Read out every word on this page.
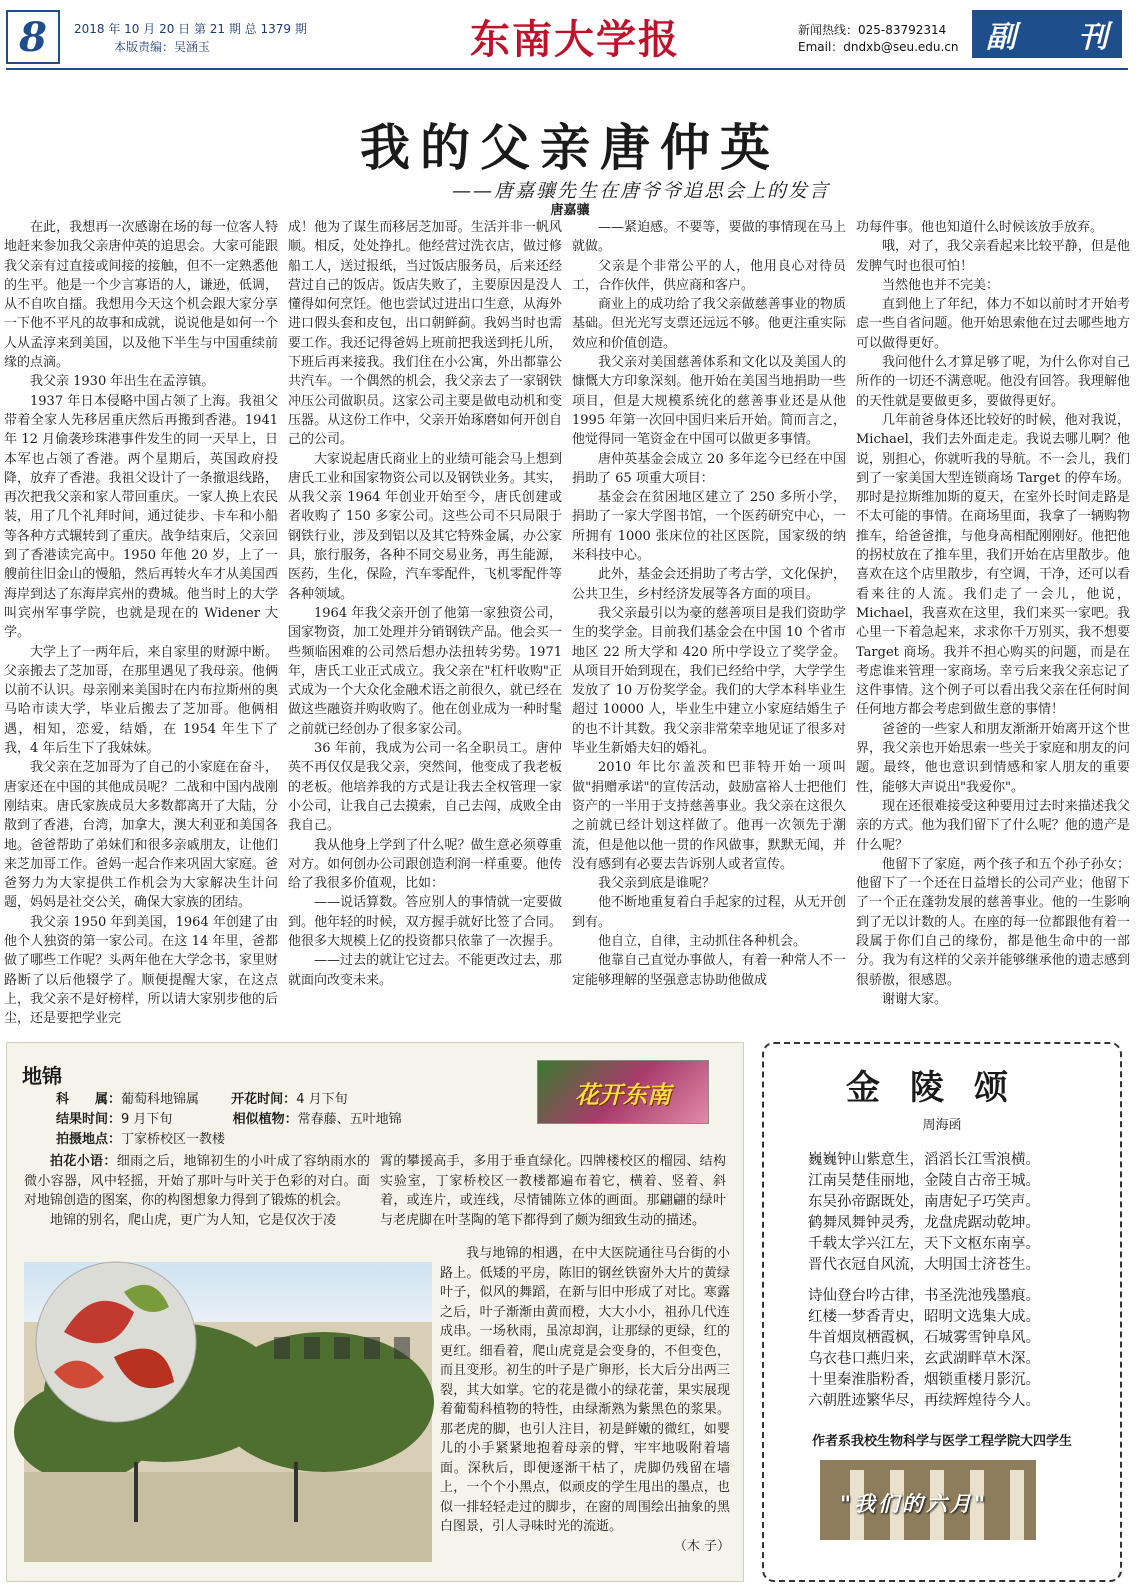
8	2018 年 10 月 20 日 第 21 期 总 1379 期
本版责编：吴涵玉	东南大学报	新闻热线：025-83792314
Email：dndxb@seu.edu.cn 副 刊
我的父亲唐仲英
——唐嘉骧先生在唐爷爷追思会上的发言
唐嘉骧

在此，我想再一次感谢在场的每一位客人特地赶来参加我父亲唐仲英的追思会。大家可能跟我父亲有过直接或间接的接触，但不一定熟悉他的生平。他是一个少言寡语的人，谦逊，低调，从不自吹自擂。我想用今天这个机会跟大家分享一下他不平凡的故事和成就，说说他是如何一个人从孟淳来到美国，以及他下半生与中国重续前缘的点滴。

我父亲 1930 年出生在孟淳镇。

1937 年日本侵略中国占领了上海。我祖父带着全家人先移居重庆然后再搬到香港。1941 年 12 月偷袭珍珠港事件发生的同一天早上，日本军也占领了香港。两个星期后，英国政府投降，放弃了香港。我祖父设计了一条撤退线路，再次把我父亲和家人带回重庆。一家人换上农民装，用了几个礼拜时间，通过徒步、卡车和小船等各种方式辗转到了重庆。战争结束后，父亲回到了香港读完高中。1950 年他 20 岁，上了一艘前往旧金山的慢船，然后再转火车才从美国西海岸到达了东海岸宾州的费城。他当时上的大学叫宾州军事学院，也就是现在的 Widener 大学。

大学上了一两年后，来自家里的财源中断。父亲搬去了芝加哥，在那里遇见了我母亲。他俩以前不认识。母亲刚来美国时在内布拉斯州的奥马哈市读大学，毕业后搬去了芝加哥。他俩相遇，相知，恋爱，结婚，在 1954 年生下了我，4 年后生下了我妹妹。

我父亲在芝加哥为了自己的小家庭在奋斗，唐家还在中国的其他成员呢？二战和中国内战刚刚结束。唐氏家族成员大多数都离开了大陆，分散到了香港，台湾，加拿大，澳大利亚和美国各地。爸爸帮助了弟妹们和很多亲戚朋友，让他们来芝加哥工作。爸妈一起合作来巩固大家庭。爸爸努力为大家提供工作机会为大家解决生计问题，妈妈是社交公关，确保大家族的团结。

我父亲 1950 年到美国，1964 年创建了由他个人独资的第一家公司。在这 14 年里，爸都做了哪些工作呢？头两年他在大学念书，家里财路断了以后他辍学了。顺便提醒大家，在这点上，我父亲不是好榜样，所以请大家别步他的后尘，还是要把学业完

成！他为了谋生而移居芝加哥。生活并非一帆风顺。相反，处处挣扎。他经营过洗衣店，做过修船工人，送过报纸，当过饭店服务员，后来还经营过自己的饭店。饭店失败了，主要原因是没人懂得如何烹饪。他也尝试过进出口生意，从海外进口假头套和皮包，出口朝鲜蓟。我妈当时也需要工作。我还记得爸妈上班前把我送到托儿所，下班后再来接我。我们住在小公寓，外出都靠公共汽车。一个偶然的机会，我父亲去了一家钢铁冲压公司做职员。这家公司主要是做电动机和变压器。从这份工作中，父亲开始琢磨如何开创自己的公司。

大家说起唐氏商业上的业绩可能会马上想到唐氏工业和国家物资公司以及钢铁业务。其实，从我父亲 1964 年创业开始至今，唐氏创建或者收购了 150 多家公司。这些公司不只局限于钢铁行业，涉及到铝以及其它特殊金属，办公家具，旅行服务，各种不同交易业务，再生能源，医药，生化，保险，汽车零配件，飞机零配件等各种领域。

1964 年我父亲开创了他第一家独资公司，国家物资，加工处理并分销钢铁产品。他会买一些频临困难的公司然后想办法扭转劣势。1971 年，唐氏工业正式成立。我父亲在"杠杆收购"正式成为一个大众化金融术语之前很久，就已经在做这些融资并购收购了。他在创业成为一种时髦之前就已经创办了很多家公司。

36 年前，我成为公司一名全职员工。唐仲英不再仅仅是我父亲，突然间，他变成了我老板的老板。他培养我的方式是让我去全权管理一家小公司，让我自己去摸索，自己去闯，成败全由我自己。

我从他身上学到了什么呢？做生意必须尊重对方。如何创办公司跟创造利润一样重要。他传给了我很多价值观，比如：

——说话算数。答应别人的事情就一定要做到。他年轻的时候，双方握手就好比签了合同。他很多大规模上亿的投资都只依靠了一次握手。

——过去的就让它过去。不能更改过去，那就面向改变未来。

——紧迫感。不要等，要做的事情现在马上就做。

父亲是个非常公平的人，他用良心对待员工，合作伙伴，供应商和客户。

商业上的成功给了我父亲做慈善事业的物质基础。但光光写支票还远远不够。他更注重实际效应和价值创造。

我父亲对美国慈善体系和文化以及美国人的慷慨大方印象深刻。他开始在美国当地捐助一些项目，但是大规模系统化的慈善事业还是从他 1995 年第一次回中国归来后开始。简而言之，他觉得同一笔资金在中国可以做更多事情。

唐仲英基金会成立 20 多年迄今已经在中国捐助了 65 项重大项目：

基金会在贫困地区建立了 250 多所小学，捐助了一家大学图书馆，一个医药研究中心，一所拥有 1000 张床位的社区医院，国家级的纳米科技中心。

此外，基金会还捐助了考古学，文化保护，公共卫生，乡村经济发展等各方面的项目。

我父亲最引以为豪的慈善项目是我们资助学生的奖学金。目前我们基金会在中国 10 个省市地区 22 所大学和 420 所中学设立了奖学金。从项目开始到现在，我们已经给中学，大学学生发放了 10 万份奖学金。我们的大学本科毕业生超过 10000 人，毕业生中建立小家庭结婚生子的也不计其数。我父亲非常荣幸地见证了很多对毕业生新婚夫妇的婚礼。

2010 年比尔盖茨和巴菲特开始一项叫做"捐赠承诺"的宣传活动，鼓励富裕人士把他们资产的一半用于支持慈善事业。我父亲在这很久之前就已经计划这样做了。他再一次领先于潮流，但是他以他一贯的作风做事，默默无闻，并没有感到有必要去告诉别人或者宣传。

我父亲到底是谁呢？

他不断地重复着白手起家的过程，从无开创到有。

他自立，自律，主动抓住各种机会。

他靠自己直觉办事做人，有着一种常人不一定能够理解的坚强意志协助他做成

功每件事。他也知道什么时候该放手放弃。

哦，对了，我父亲看起来比较平静，但是他发脾气时也很可怕！

当然他也并不完美：

直到他上了年纪，体力不如以前时才开始考虑一些自省问题。他开始思索他在过去哪些地方可以做得更好。

我问他什么才算足够了呢，为什么你对自己所作的一切还不满意呢。他没有回答。我理解他的天性就是要做更多，要做得更好。

几年前爸身体还比较好的时候，他对我说，Michael，我们去外面走走。我说去哪儿啊？他说，别担心，你就听我的导航。不一会儿，我们到了一家美国大型连锁商场 Target 的停车场。那时是拉斯维加斯的夏天，在室外长时间走路是不太可能的事情。在商场里面，我拿了一辆购物推车，给爸爸推，与他身高相配刚刚好。他把他的拐杖放在了推车里，我们开始在店里散步。他喜欢在这个店里散步，有空调，干净，还可以看看来往的人流。我们走了一会儿，他说，Michael，我喜欢在这里，我们来买一家吧。我心里一下着急起来，求求你千万别买，我不想要 Target 商场。我并不担心购买的问题，而是在考虑谁来管理一家商场。幸亏后来我父亲忘记了这件事情。这个例子可以看出我父亲在任何时间任何地方都会考虑到做生意的事情！

爸爸的一些家人和朋友渐渐开始离开这个世界，我父亲也开始思索一些关于家庭和朋友的问题。最终，他也意识到情感和家人朋友的重要性，能够大声说出"我爱你"。

现在还很难接受这种要用过去时来描述我父亲的方式。他为我们留下了什么呢？他的遗产是什么呢？

他留下了家庭，两个孩子和五个孙子孙女；他留下了一个还在日益增长的公司产业；他留下了一个正在蓬勃发展的慈善事业。他的一生影响到了无以计数的人。在座的每一位都跟他有着一段属于你们自己的缘份，都是他生命中的一部分。我为有这样的父亲并能够继承他的遗志感到很骄傲，很感恩。

谢谢大家。

地锦
科　　属：葡萄科地锦属 开花时间：4 月下旬
结果时间：9 月下旬	相似植物：常春藤、五叶地锦
拍摄地点：丁家桥校区一教楼
花开东南

拍花小语：细雨之后，地锦初生的小叶成了容纳雨水的微小容器，风中轻摇，开始了那叶与叶关于色彩的对白。面对地锦创造的图案，你的构图想象力得到了锻炼的机会。

地锦的别名，爬山虎，更广为人知，它是仅次于凌

霄的攀援高手，多用于垂直绿化。四牌楼校区的榴园、结构实验室，丁家桥校区一教楼都遍布着它，横着、竖着、斜着，或连片，或连线，尽情铺陈立体的画面。那翩翩的绿叶与老虎脚在叶茎陶的笔下都得到了颇为细致生动的描述。

我与地锦的相遇，在中大医院通往马台街的小路上。低矮的平房，陈旧的钢丝铁窗外大片的黄绿叶子，似风的舞蹈，在新与旧中形成了对比。寒露之后，叶子渐渐由黄而橙，大大小小，祖孙几代连成串。一场秋雨，虽凉却润，让那绿的更绿，红的更红。细看着，爬山虎竟是会变身的，不但变色，而且变形。初生的叶子是广卵形，长大后分出两三裂，其大如掌。它的花是微小的绿花蕾，果实展现着葡萄科植物的特性，由绿渐熟为紫黑色的浆果。那老虎的脚，也引人注目，初是鲜嫩的微红，如婴儿的小手紧紧地抱着母亲的臂，牢牢地吸附着墙面。深秋后，即便逐渐干枯了，虎脚仍残留在墙上，一个个小黑点，似顽皮的学生甩出的墨点，也似一排轻轻走过的脚步，在窗的周围绘出抽象的黑白图景，引人寻味时光的流逝。

（木 子）
金陵颂
周海函
巍巍钟山紫意生，滔滔长江雪浪横。
江南吴楚佳丽地，金陵自古帝王城。
东吴孙帝踞既处，南唐妃子巧笑声。
鹤舞凤舞钟灵秀，龙盘虎踞动乾坤。
千载太学兴江左，天下文枢东南享。
晋代衣冠自风流，大明国士济苍生。
诗仙登台吟古律，书圣洗池残墨痕。
红楼一梦香青史，昭明文选集大成。
牛首烟岚栖霞枫，石城雾雪钟阜风。
乌衣巷口燕归来，玄武湖畔草木深。
十里秦淮脂粉香，烟锁重楼月影沉。
六朝胜迹繁华尽，再续辉煌待今人。
作者系我校生物科学与医学工程学院大四学生
"我们的六月"
